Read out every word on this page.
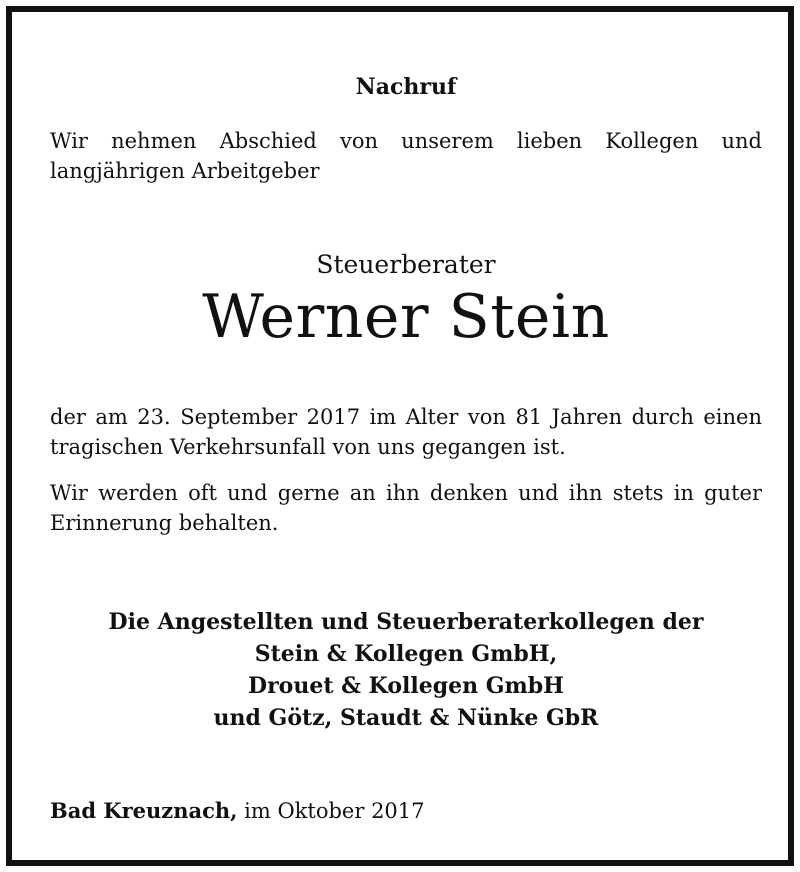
Nachruf

Wir nehmen Abschied von unserem lieben Kollegen und langjährigen Arbeitgeber

Steuerberater

Werner Stein

der am 23. September 2017 im Alter von 81 Jahren durch einen tragischen Verkehrsunfall von uns gegangen ist.

Wir werden oft und gerne an ihn denken und ihn stets in guter Erinnerung behalten.

Die Angestellten und Steuerberaterkollegen der

Stein & Kollegen GmbH,

Drouet & Kollegen GmbH

und Götz, Staudt & Nünke GbR

Bad Kreuznach, im Oktober 2017
